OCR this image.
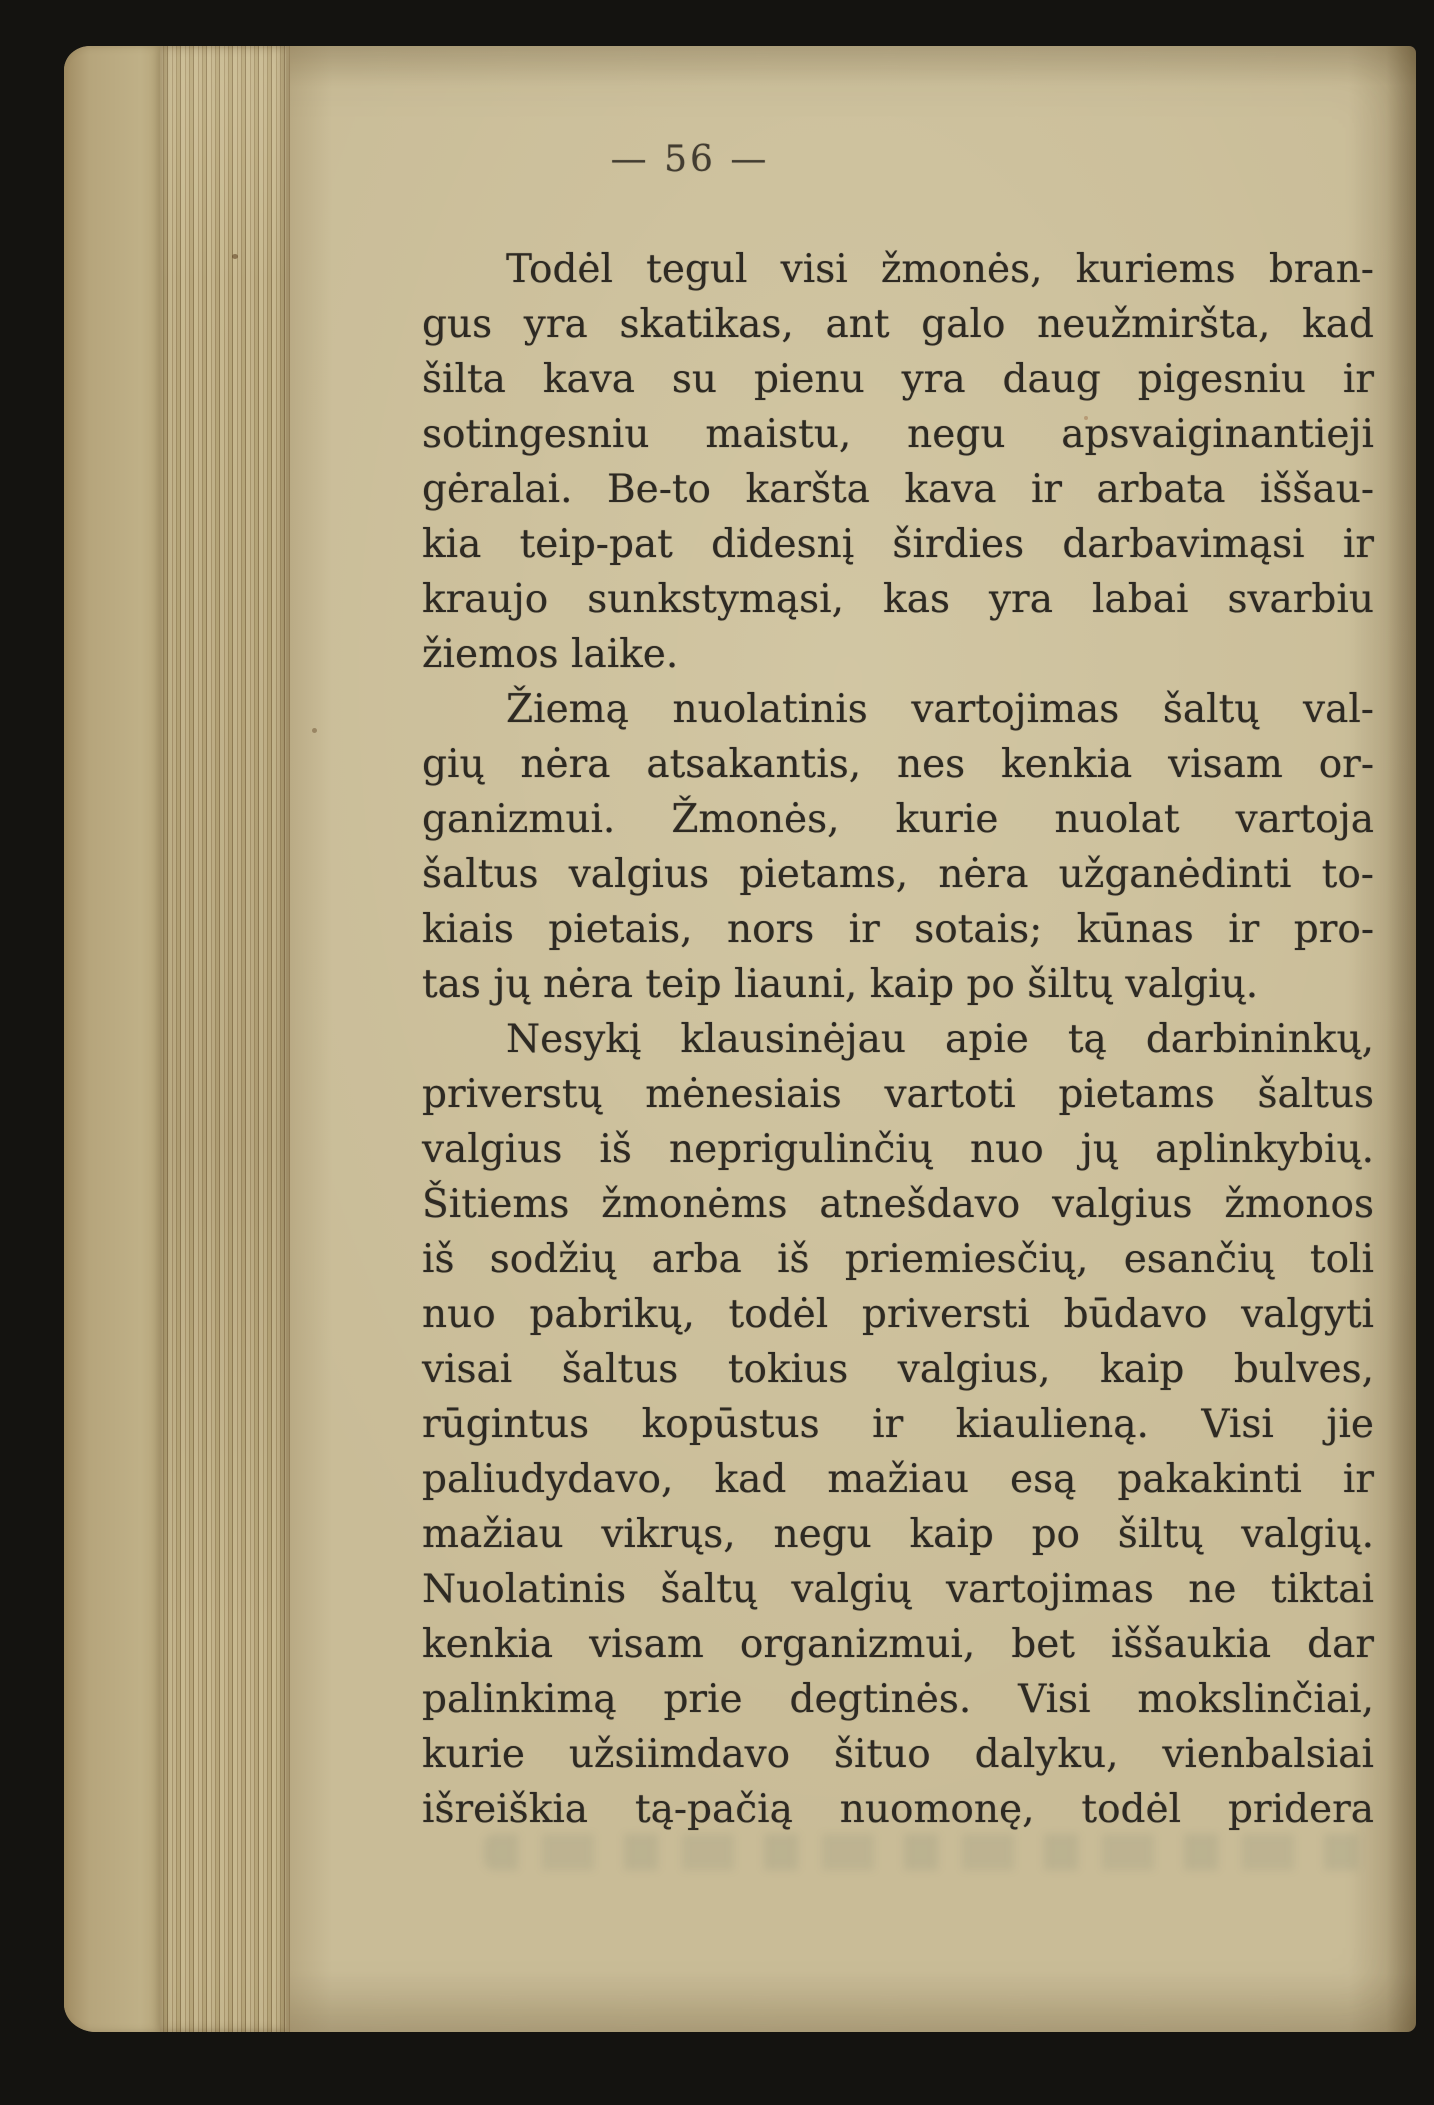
— 56 —
Todėl tegul visi žmonės, kuriems bran-
gus yra skatikas, ant galo neužmiršta, kad
šilta kava su pienu yra daug pigesniu ir
sotingesniu maistu, negu apsvaiginantieji
gėralai. Be-to karšta kava ir arbata iššau-
kia teip-pat didesnį širdies darbavimąsi ir
kraujo sunkstymąsi, kas yra labai svarbiu
žiemos laike.
Žiemą nuolatinis vartojimas šaltų val-
gių nėra atsakantis, nes kenkia visam or-
ganizmui. Žmonės, kurie nuolat vartoja
šaltus valgius pietams, nėra užganėdinti to-
kiais pietais, nors ir sotais; kūnas ir pro-
tas jų nėra teip liauni, kaip po šiltų valgių.
Nesykį klausinėjau apie tą darbininkų,
priverstų mėnesiais vartoti pietams šaltus
valgius iš neprigulinčių nuo jų aplinkybių.
Šitiems žmonėms atnešdavo valgius žmonos
iš sodžių arba iš priemiesčių, esančių toli
nuo pabrikų, todėl priversti būdavo valgyti
visai šaltus tokius valgius, kaip bulves,
rūgintus kopūstus ir kiaulieną. Visi jie
paliudydavo, kad mažiau esą pakakinti ir
mažiau vikrųs, negu kaip po šiltų valgių.
Nuolatinis šaltų valgių vartojimas ne tiktai
kenkia visam organizmui, bet iššaukia dar
palinkimą prie degtinės. Visi mokslinčiai,
kurie užsiimdavo šituo dalyku, vienbalsiai
išreiškia tą-pačią nuomonę, todėl pridera
